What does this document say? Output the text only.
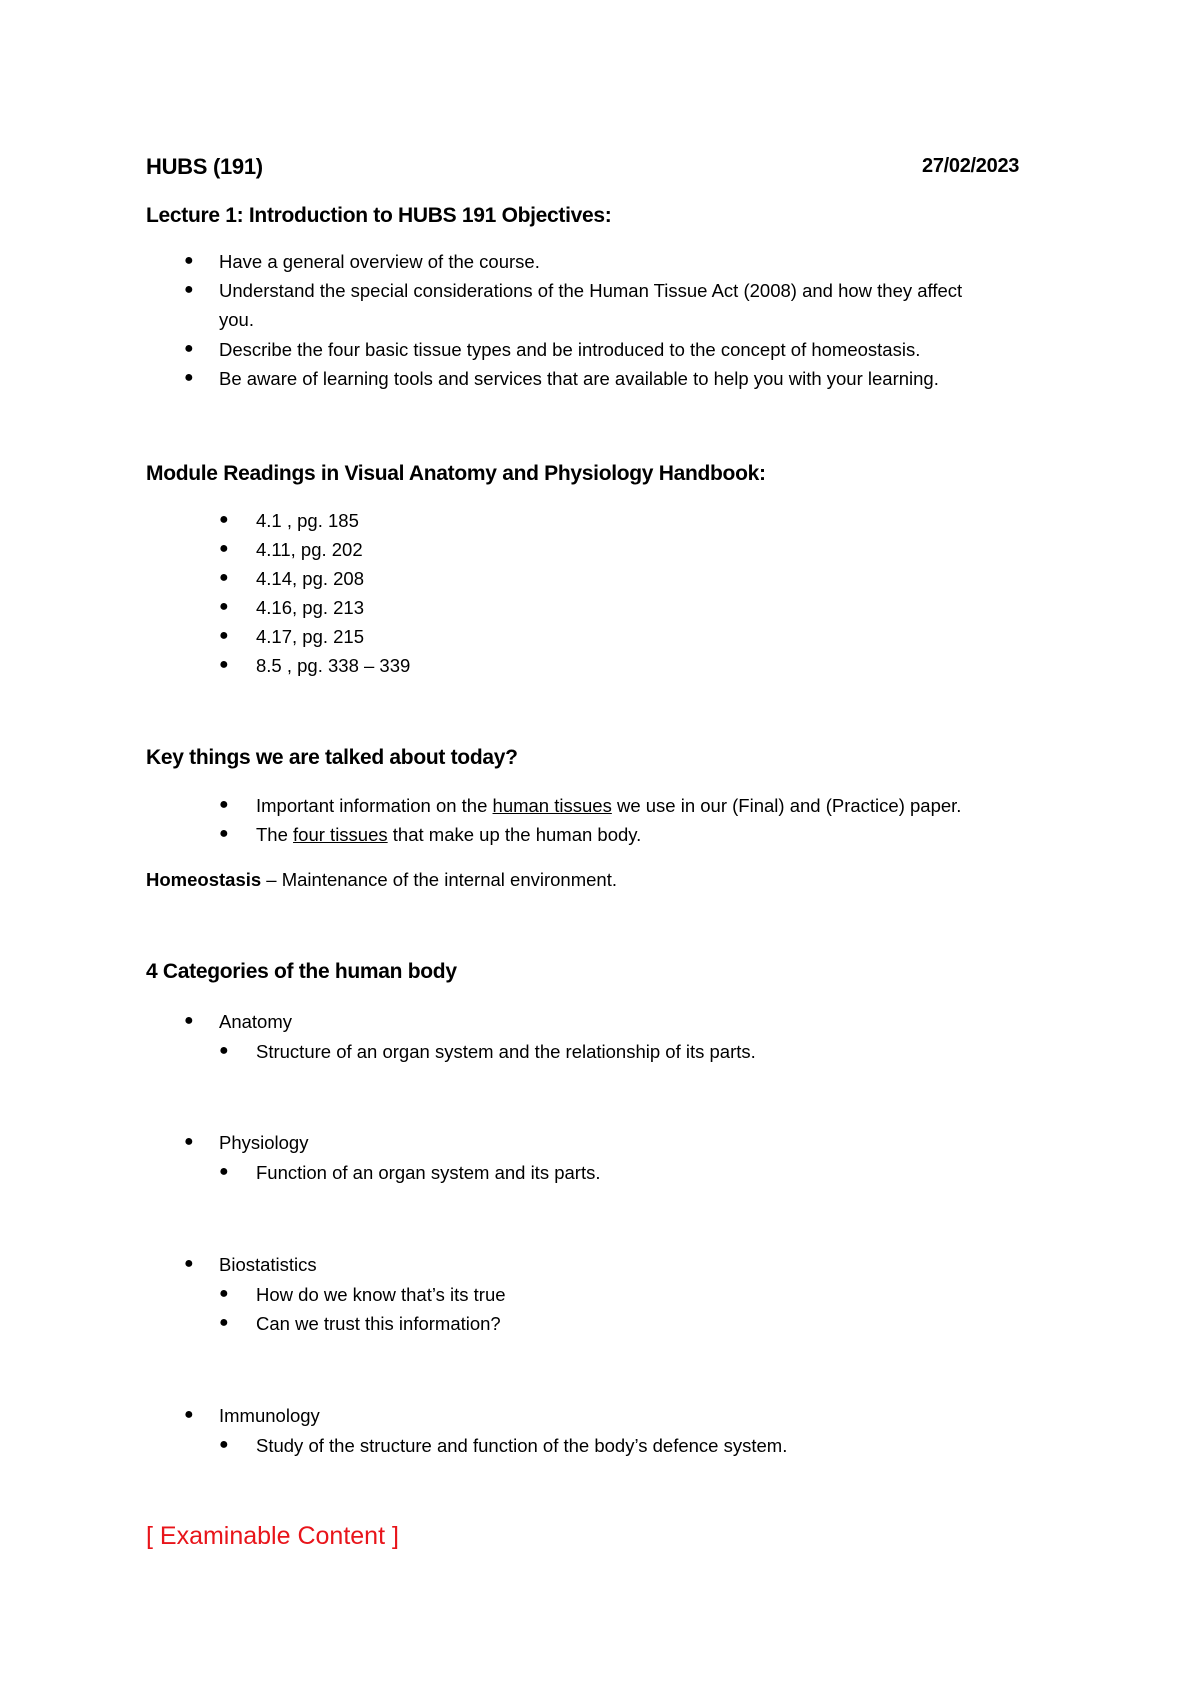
HUBS (191)	27/02/2023
Lecture 1: Introduction to HUBS 191 Objectives:
● Have a general overview of the course.
● Understand the special considerations of the Human Tissue Act (2008) and how they affect
you.
● Describe the four basic tissue types and be introduced to the concept of homeostasis.
● Be aware of learning tools and services that are available to help you with your learning.
Module Readings in Visual Anatomy and Physiology Handbook:
● 4.1 , pg. 185
● 4.11, pg. 202
● 4.14, pg. 208
● 4.16, pg. 213
● 4.17, pg. 215
● 8.5 , pg. 338 – 339
Key things we are talked about today?
● Important information on the human tissues we use in our (Final) and (Practice) paper.
● The four tissues that make up the human body.
Homeostasis – Maintenance of the internal environment.
4 Categories of the human body
● Anatomy
● Structure of an organ system and the relationship of its parts.
● Physiology
● Function of an organ system and its parts.
● Biostatistics
● How do we know that’s its true
● Can we trust this information?
● Immunology
● Study of the structure and function of the body’s defence system.
[ Examinable Content ]
